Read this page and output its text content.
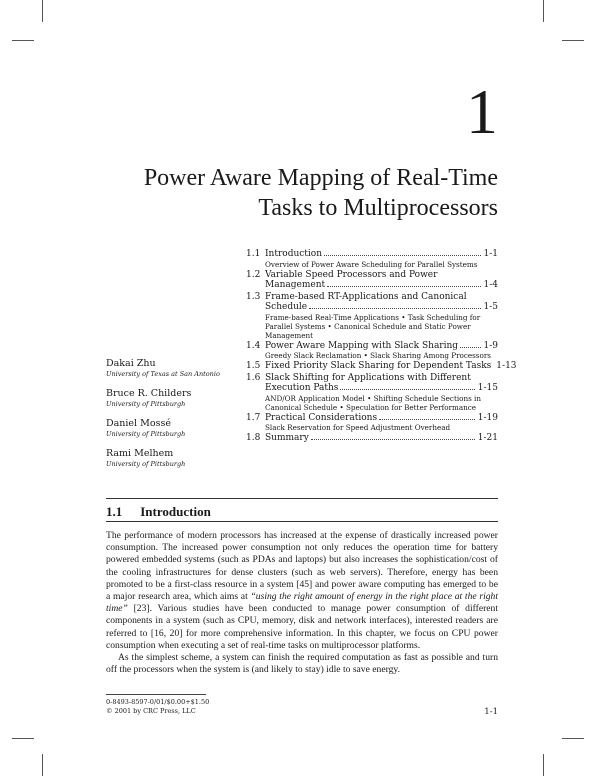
1
Power Aware Mapping of Real-Time
Tasks to Multiprocessors
1.1 Introduction	1-1
Overview of Power Aware Scheduling for Parallel Systems
1.2 Variable Speed Processors and Power
Management	1-4
1.3 Frame-based RT-Applications and Canonical
Schedule	1-5
Frame-based Real-Time Applications • Task Scheduling for Parallel Systems • Canonical Schedule and Static Power Management
1.4 Power Aware Mapping with Slack Sharing	1-9
Greedy Slack Reclamation • Slack Sharing Among Processors
1.5 Fixed Priority Slack Sharing for Dependent Tasks 1-13
1.6 Slack Shifting for Applications with Different
Execution Paths	1-15
AND/OR Application Model • Shifting Schedule Sections in Canonical Schedule • Speculation for Better Performance
1.7 Practical Considerations	1-19
Slack Reservation for Speed Adjustment Overhead
1.8 Summary	1-21
Dakai Zhu
University of Texas at San Antonio
Bruce R. Childers
University of Pittsburgh
Daniel Mossé
University of Pittsburgh
Rami Melhem
University of Pittsburgh
1.1 Introduction

The performance of modern processors has increased at the expense of drastically increased power consumption. The increased power consumption not only reduces the operation time for battery powered embedded systems (such as PDAs and laptops) but also increases the sophistication/cost of the cooling infrastructures for dense clusters (such as web servers). Therefore, energy has been promoted to be a first-class resource in a system [45] and power aware computing has emerged to be a major research area, which aims at “using the right amount of energy in the right place at the right time” [23]. Various studies have been conducted to manage power consumption of different components in a system (such as CPU, memory, disk and network interfaces), interested readers are referred to [16, 20] for more comprehensive information. In this chapter, we focus on CPU power consumption when executing a set of real-time tasks on multiprocessor platforms.

As the simplest scheme, a system can finish the required computation as fast as possible and turn off the processors when the system is (and likely to stay) idle to save energy.

0-8493-8597-0/01/$0.00+$1.50
© 2001 by CRC Press, LLC	1-1
